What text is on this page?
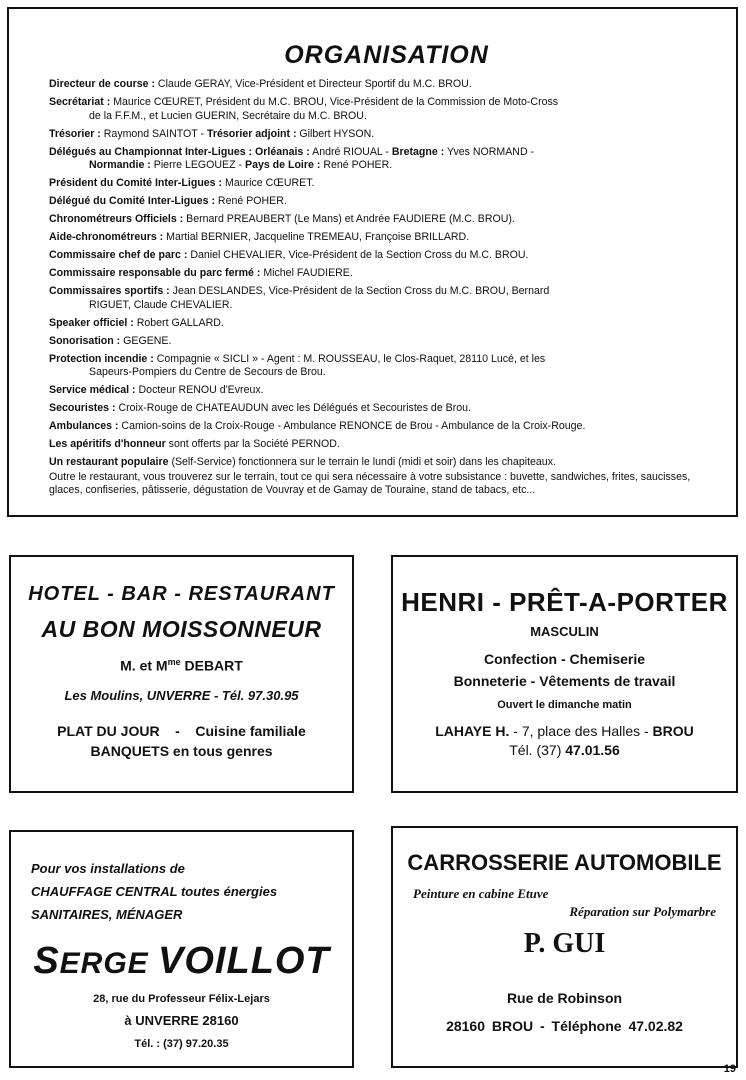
ORGANISATION
Directeur de course : Claude GERAY, Vice-Président et Directeur Sportif du M.C. BROU.
Secrétariat : Maurice CŒURET, Président du M.C. BROU, Vice-Président de la Commission de Moto-Cross
de la F.F.M., et Lucien GUERIN, Secrétaire du M.C. BROU.
Trésorier : Raymond SAINTOT - Trésorier adjoint : Gilbert HYSON.
Délégués au Championnat Inter-Ligues : Orléanais : André RIOUAL - Bretagne : Yves NORMAND -
Normandie : Pierre LEGOUEZ - Pays de Loire : René POHER.
Président du Comité Inter-Ligues : Maurice CŒURET.
Délégué du Comité Inter-Ligues : René POHER.
Chronométreurs Officiels : Bernard PREAUBERT (Le Mans) et Andrée FAUDIERE (M.C. BROU).
Aide-chronométreurs : Martial BERNIER, Jacqueline TREMEAU, Françoise BRILLARD.
Commissaire chef de parc : Daniel CHEVALIER, Vice-Président de la Section Cross du M.C. BROU.
Commissaire responsable du parc fermé : Michel FAUDIERE.
Commissaires sportifs : Jean DESLANDES, Vice-Président de la Section Cross du M.C. BROU, Bernard
RIGUET, Claude CHEVALIER.
Speaker officiel : Robert GALLARD.
Sonorisation : GEGENE.
Protection incendie : Compagnie « SICLI » - Agent : M. ROUSSEAU, le Clos-Raquet, 28110 Lucé, et les
Sapeurs-Pompiers du Centre de Secours de Brou.
Service médical : Docteur RENOU d'Evreux.
Secouristes : Croix-Rouge de CHATEAUDUN avec les Délégués et Secouristes de Brou.
Ambulances : Camion-soins de la Croix-Rouge - Ambulance RENONCE de Brou - Ambulance de la Croix-Rouge.
Les apéritifs d'honneur sont offerts par la Société PERNOD.
Un restaurant populaire (Self-Service) fonctionnera sur le terrain le lundi (midi et soir) dans les chapiteaux.
Outre le restaurant, vous trouverez sur le terrain, tout ce qui sera nécessaire à votre subsistance : buvette, sandwiches, frites, saucisses, glaces, confiseries, pâtisserie, dégustation de Vouvray et de Gamay de Touraine, stand de tabacs, etc...
HOTEL - BAR - RESTAURANT
AU BON MOISSONNEUR
M. et $M^{me}$ DEBART
Les Moulins, UNVERRE - Tél. 97.30.95
PLAT DU JOUR - Cuisine familiale
BANQUETS en tous genres
HENRI - PRÊT-A-PORTER
MASCULIN
Confection - Chemiserie
Bonneterie - Vêtements de travail
Ouvert le dimanche matin
LAHAYE H. - 7, place des Halles - BROU
Tél. (37) 47.01.56
Pour vos installations de
CHAUFFAGE CENTRAL toutes énergies
SANITAIRES, MÉNAGER
SERGE VOILLOT
28, rue du Professeur Félix-Lejars
à UNVERRE 28160
Tél. : (37) 97.20.35
CARROSSERIE AUTOMOBILE
Peinture en cabine Etuve
Réparation sur Polymarbre
P. GUI
Rue de Robinson
28160 BROU - Téléphone 47.02.82
19
